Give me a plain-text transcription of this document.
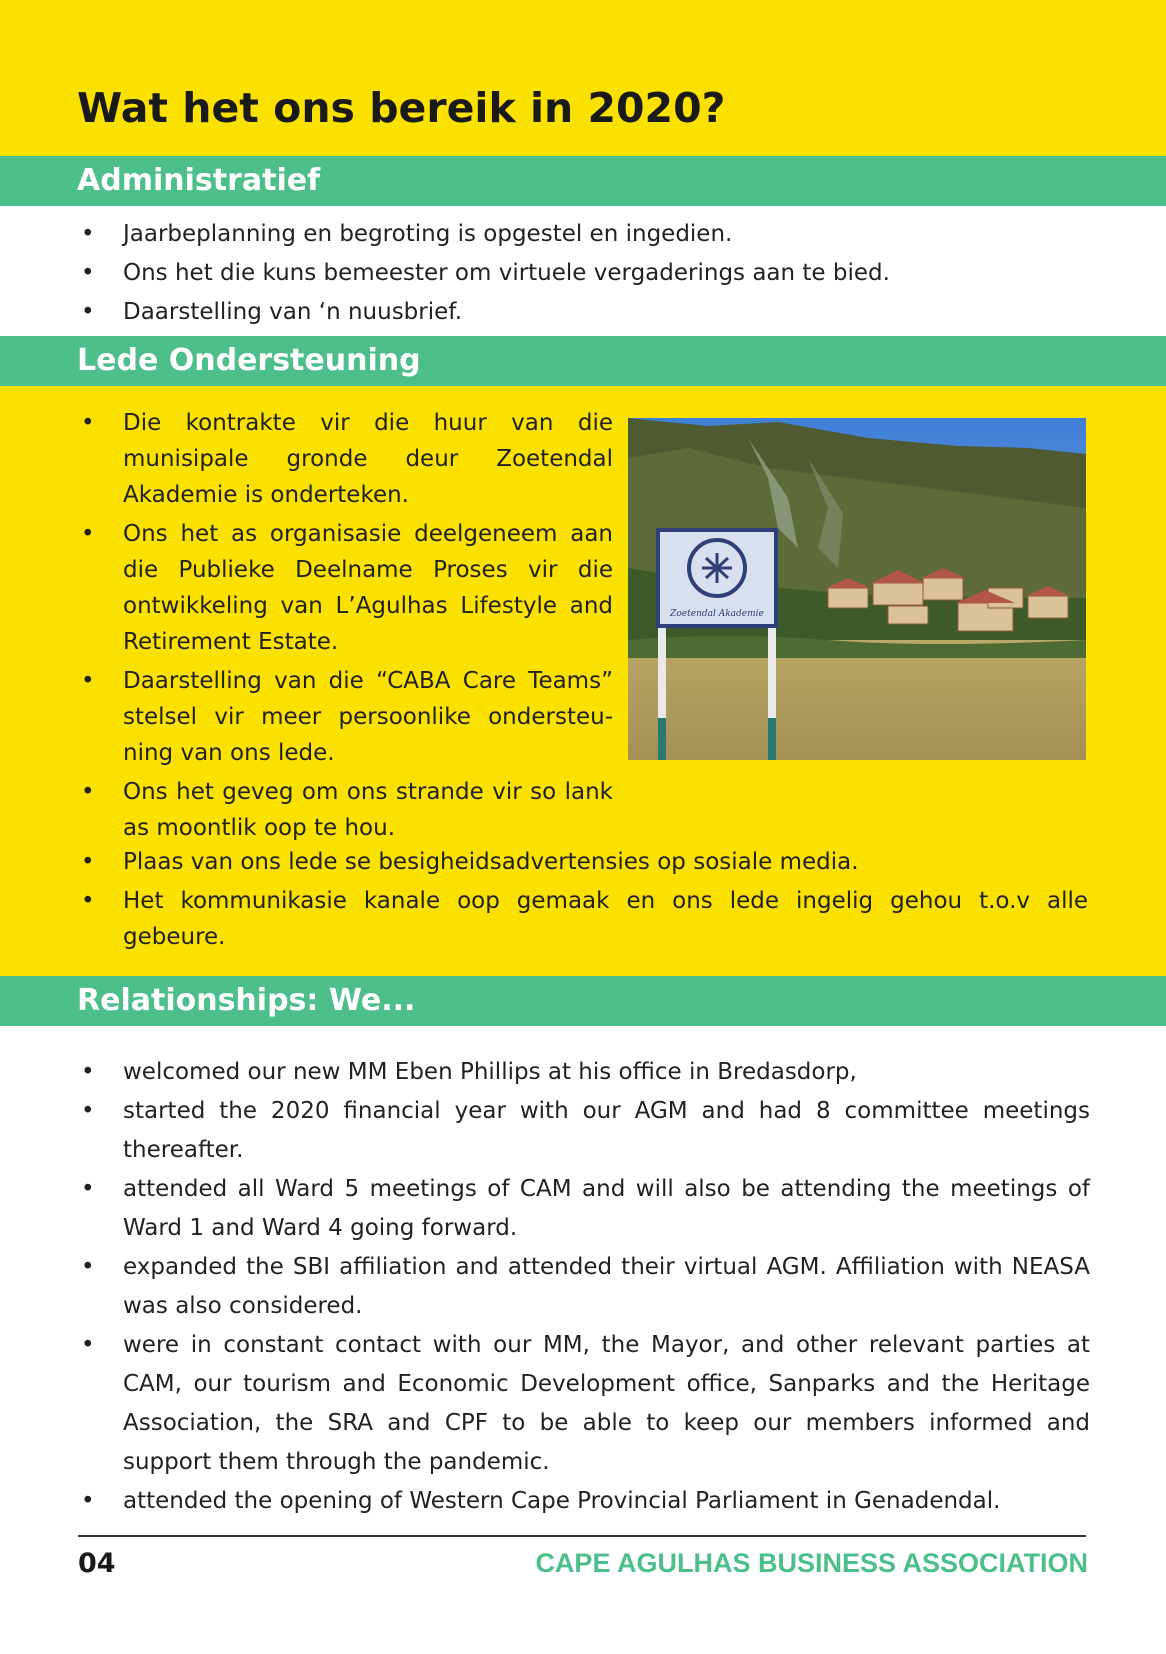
Wat het ons bereik in 2020?
Administratief
• Jaarbeplanning en begroting is opgestel en ingedien.
• Ons het die kuns bemeester om virtuele vergaderings aan te bied.
• Daarstelling van ‘n nuusbrief.
Lede Ondersteuning
• Die kontrakte vir die huur van die munisipale gronde deur Zoetendal Akademie is onderteken.
• Ons het as organisasie deelgeneem aan die Publieke Deelname Proses vir die ontwikkeling van L’Agulhas Lifestyle and Retirement Estate.
• Daarstelling van die “CABA Care Teams” stelsel vir meer persoonlike ondersteu-ning van ons lede.
• Ons het geveg om ons strande vir so lank as moontlik oop te hou.
• Plaas van ons lede se besigheidsadvertensies op sosiale media.
• Het kommunikasie kanale oop gemaak en ons lede ingelig gehou t.o.v alle gebeure.
Zoetendal Akademie
Relationships: We...
• welcomed our new MM Eben Phillips at his office in Bredasdorp,
• started the 2020 financial year with our AGM and had 8 committee meetings thereafter.
• attended all Ward 5 meetings of CAM and will also be attending the meetings of Ward 1 and Ward 4 going forward.
• expanded the SBI affiliation and attended their virtual AGM. Affiliation with NEASA was also considered.
• were in constant contact with our MM, the Mayor, and other relevant parties at CAM, our tourism and Economic Development office, Sanparks and the Heritage Association, the SRA and CPF to be able to keep our members informed and support them through the pandemic.
• attended the opening of Western Cape Provincial Parliament in Genadendal.
04	CAPE AGULHAS BUSINESS ASSOCIATION
